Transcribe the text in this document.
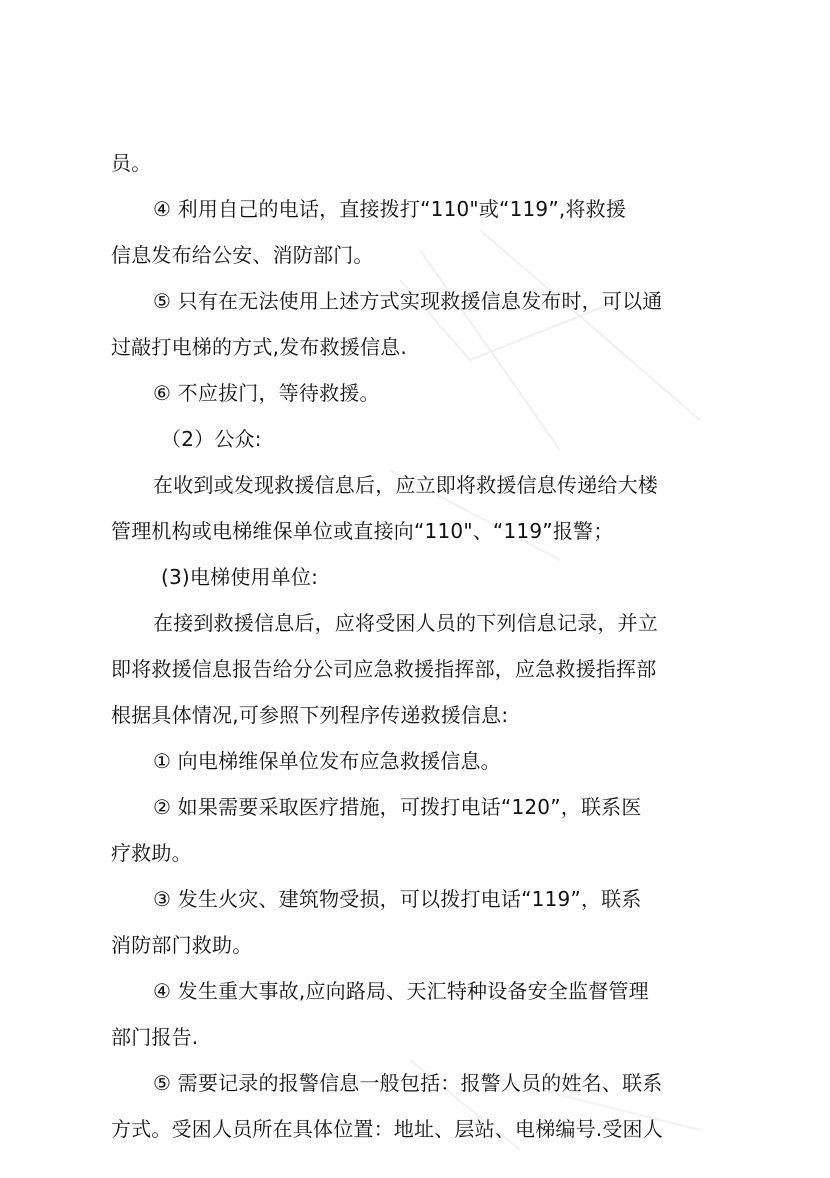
员。
④ 利用自己的电话，直接拨打“110"或“119”,将救援
信息发布给公安、消防部门。
⑤ 只有在无法使用上述方式实现救援信息发布时，可以通
过敲打电梯的方式,发布救援信息.
⑥ 不应拔门，等待救援。
（2）公众:
在收到或发现救援信息后，应立即将救援信息传递给大楼
管理机构或电梯维保单位或直接向“110"、“119”报警；
(3)电梯使用单位:
在接到救援信息后，应将受困人员的下列信息记录，并立
即将救援信息报告给分公司应急救援指挥部，应急救援指挥部
根据具体情况,可参照下列程序传递救援信息:
① 向电梯维保单位发布应急救援信息。
② 如果需要采取医疗措施，可拨打电话“120”，联系医
疗救助。
③ 发生火灾、建筑物受损，可以拨打电话“119”，联系
消防部门救助。
④ 发生重大事故,应向路局、天汇特种设备安全监督管理
部门报告.
⑤ 需要记录的报警信息一般包括：报警人员的姓名、联系
方式。受困人员所在具体位置：地址、层站、电梯编号.受困人
